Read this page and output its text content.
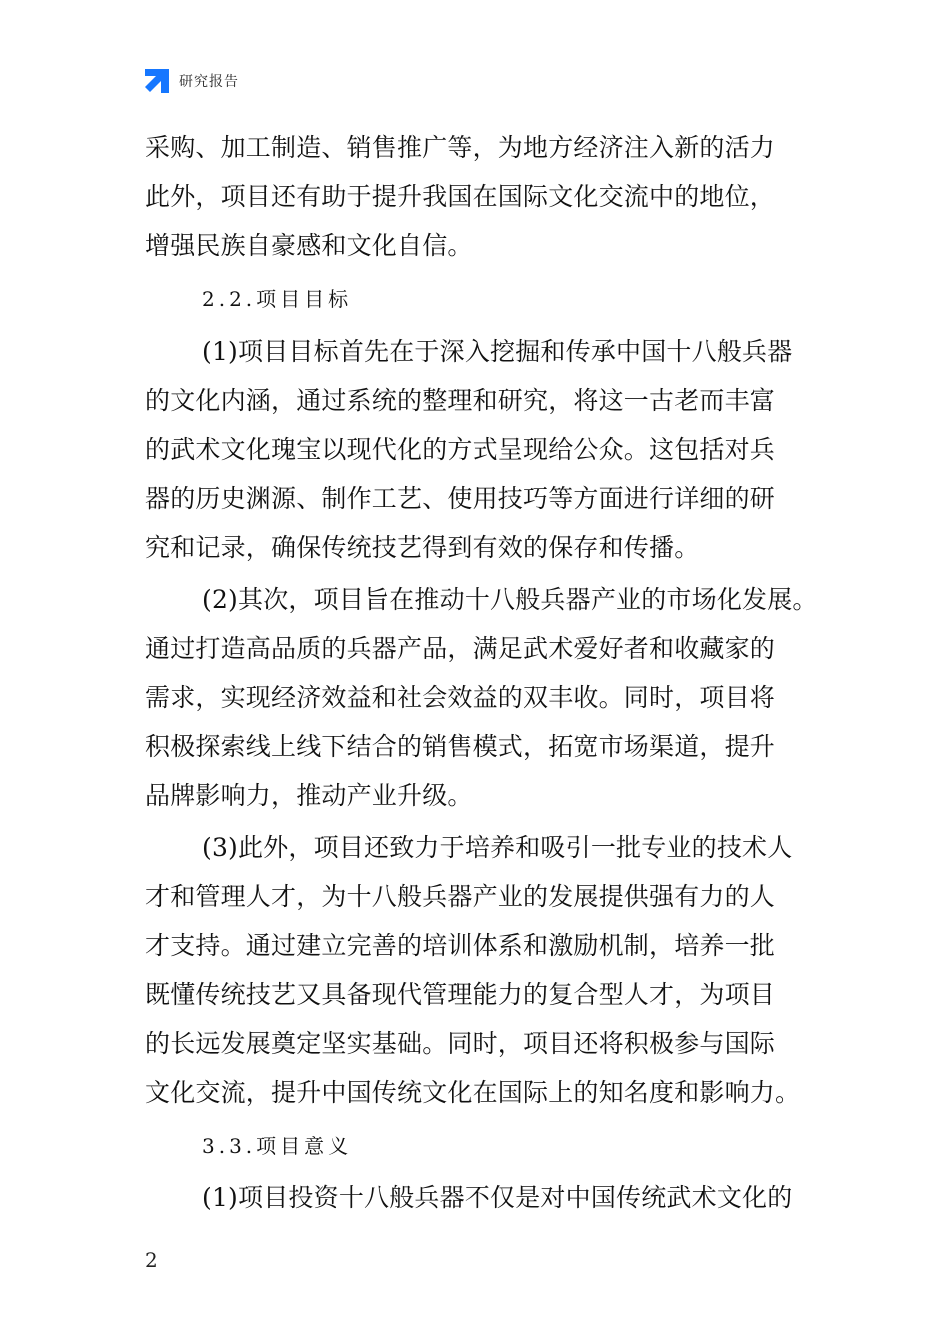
研究报告
采购、加工制造、销售推广等，为地方经济注入新的活力
此外，项目还有助于提升我国在国际文化交流中的地位，
增强民族自豪感和文化自信。
2.2.项目目标
(1)项目目标首先在于深入挖掘和传承中国十八般兵器
的文化内涵，通过系统的整理和研究，将这一古老而丰富
的武术文化瑰宝以现代化的方式呈现给公众。这包括对兵
器的历史渊源、制作工艺、使用技巧等方面进行详细的研
究和记录，确保传统技艺得到有效的保存和传播。
(2)其次，项目旨在推动十八般兵器产业的市场化发展。
通过打造高品质的兵器产品，满足武术爱好者和收藏家的
需求，实现经济效益和社会效益的双丰收。同时，项目将
积极探索线上线下结合的销售模式，拓宽市场渠道，提升
品牌影响力，推动产业升级。
(3)此外，项目还致力于培养和吸引一批专业的技术人
才和管理人才，为十八般兵器产业的发展提供强有力的人
才支持。通过建立完善的培训体系和激励机制，培养一批
既懂传统技艺又具备现代管理能力的复合型人才，为项目
的长远发展奠定坚实基础。同时，项目还将积极参与国际
文化交流，提升中国传统文化在国际上的知名度和影响力。
3.3.项目意义
(1)项目投资十八般兵器不仅是对中国传统武术文化的
2
